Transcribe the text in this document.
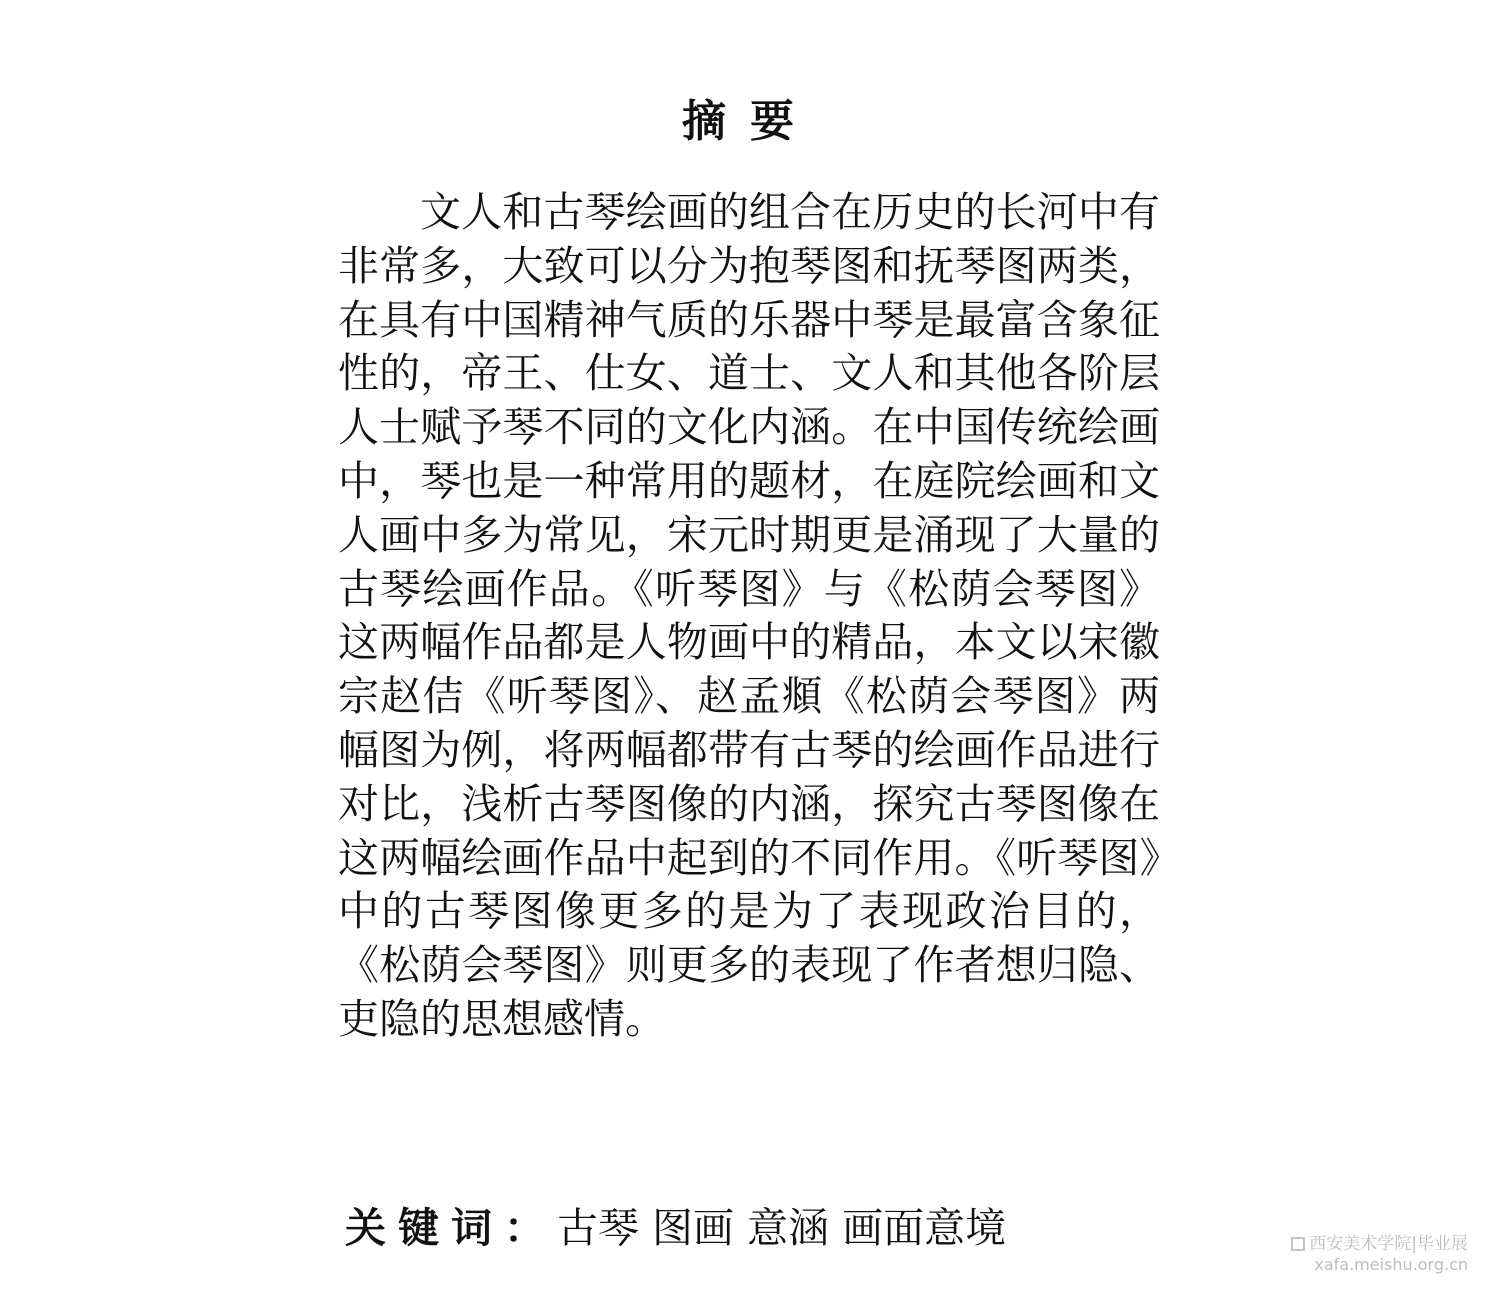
摘要

文人和古琴绘画的组合在历史的长河中有非常多，大致可以分为抱琴图和抚琴图两类，在具有中国精神气质的乐器中琴是最富含象征性的，帝王、仕女、道士、文人和其他各阶层人士赋予琴不同的文化内涵。在中国传统绘画中，琴也是一种常用的题材，在庭院绘画和文人画中多为常见，宋元时期更是涌现了大量的古琴绘画作品。《听琴图》与《松荫会琴图》这两幅作品都是人物画中的精品，本文以宋徽宗赵佶《听琴图》、赵孟頫《松荫会琴图》两幅图为例，将两幅都带有古琴的绘画作品进行对比，浅析古琴图像的内涵，探究古琴图像在这两幅绘画作品中起到的不同作用。《听琴图》中的古琴图像更多的是为了表现政治目的，《松荫会琴图》则更多的表现了作者想归隐、吏隐的思想感情。

关键词：古琴 图画 意涵 画面意境	西安美术学院|毕业展
xafa.meishu.org.cn
